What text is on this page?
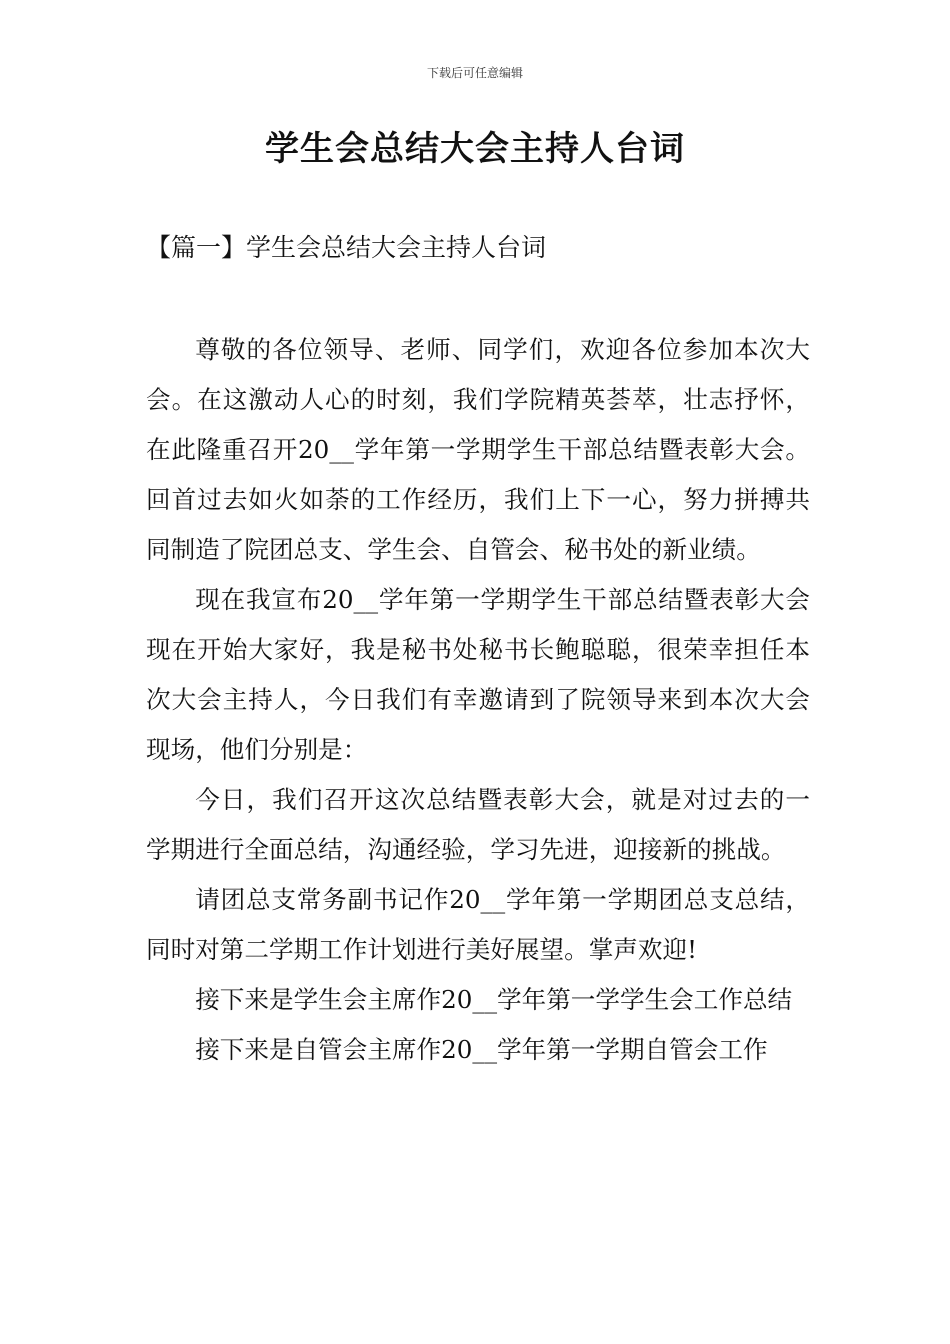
下载后可任意编辑
学生会总结大会主持人台词
【篇一】学生会总结大会主持人台词

尊敬的各位领导、老师、同学们，欢迎各位参加本次大会。在这激动人心的时刻，我们学院精英荟萃，壮志抒怀，在此隆重召开20__学年第一学期学生干部总结暨表彰大会。回首过去如火如荼的工作经历，我们上下一心，努力拼搏共同制造了院团总支、学生会、自管会、秘书处的新业绩。

现在我宣布20__学年第一学期学生干部总结暨表彰大会现在开始大家好，我是秘书处秘书长鲍聪聪，很荣幸担任本次大会主持人，今日我们有幸邀请到了院领导来到本次大会现场，他们分别是：

今日，我们召开这次总结暨表彰大会，就是对过去的一学期进行全面总结，沟通经验，学习先进，迎接新的挑战。

请团总支常务副书记作20__学年第一学期团总支总结，同时对第二学期工作计划进行美好展望。掌声欢迎!

接下来是学生会主席作20__学年第一学学生会工作总结

接下来是自管会主席作20__学年第一学期自管会工作
